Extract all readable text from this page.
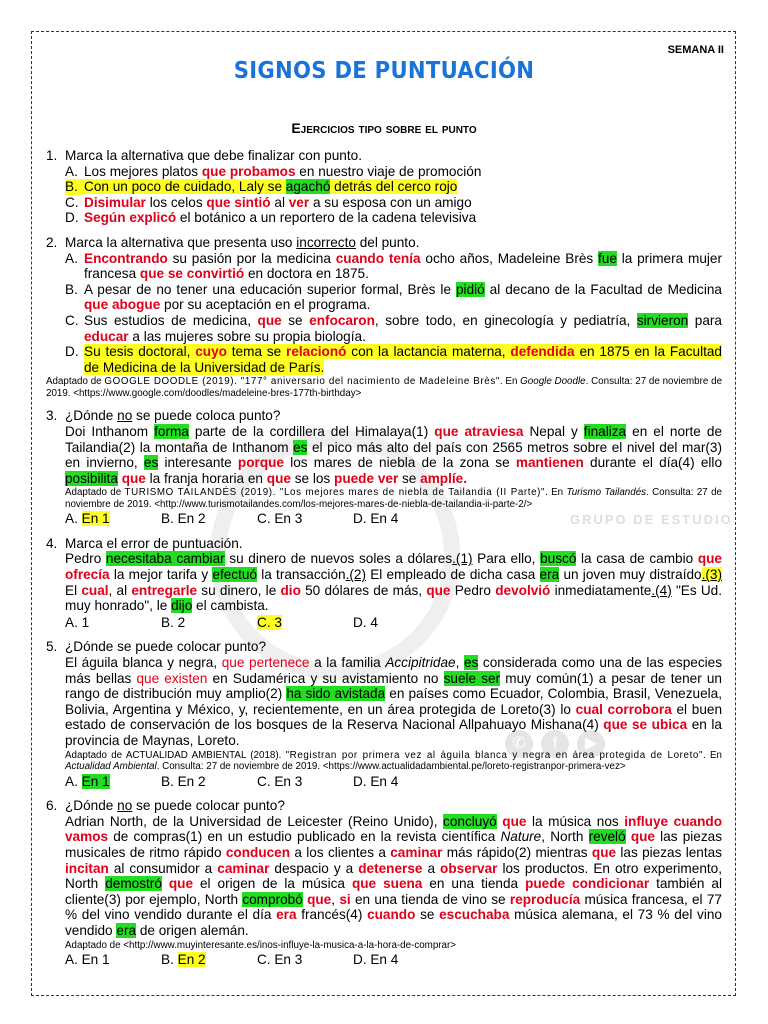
GRUPO DE ESTUDIO
✆	f	▶
SEMANA II
SIGNOS DE PUNTUACIÓN
Ejercicios tipo sobre el punto
1. Marca la alternativa que debe finalizar con punto.
A. Los mejores platos que probamos en nuestro viaje de promoción
B. Con un poco de cuidado, Laly se agachó detrás del cerco rojo
C. Disimular los celos que sintió al ver a su esposa con un amigo
D. Según explicó el botánico a un reportero de la cadena televisiva
2. Marca la alternativa que presenta uso incorrecto del punto.
A. Encontrando su pasión por la medicina cuando tenía ocho años, Madeleine Brès fue la primera mujer francesa que se convirtió en doctora en 1875.
B. A pesar de no tener una educación superior formal, Brès le pidió al decano de la Facultad de Medicina que abogue por su aceptación en el programa.
C. Sus estudios de medicina, que se enfocaron, sobre todo, en ginecología y pediatría, sirvieron para educar a las mujeres sobre su propia biología.
D. Su tesis doctoral, cuyo tema se relacionó con la lactancia materna, defendida en 1875 en la Facultad de Medicina de la Universidad de París.
Adaptado de GOOGLE DOODLE (2019). "177° aniversario del nacimiento de Madeleine Brès". En Google Doodle. Consulta: 27 de noviembre de 2019. <https://www.google.com/doodles/madeleine-bres-177th-birthday>
3. ¿Dónde no se puede coloca punto?
Doi Inthanom forma parte de la cordillera del Himalaya(1) que atraviesa Nepal y finaliza en el norte de Tailandia(2) la montaña de Inthanom es el pico más alto del país con 2565 metros sobre el nivel del mar(3) en invierno, es interesante porque los mares de niebla de la zona se mantienen durante el día(4) ello posibilita que la franja horaria en que se los puede ver se amplíe.
Adaptado de TURISMO TAILANDÉS (2019). "Los mejores mares de niebla de Tailandia (II Parte)". En Turismo Tailandés. Consulta: 27 de noviembre de 2019. <http://www.turismotailandes.com/los-mejores-mares-de-niebla-de-tailandia-ii-parte-2/>
A. En 1	B. En 2	C. En 3	D. En 4
4. Marca el error de puntuación.
Pedro necesitaba cambiar su dinero de nuevos soles a dólares.(1) Para ello, buscó la casa de cambio que ofrecía la mejor tarifa y efectuó la transacción.(2) El empleado de dicha casa era un joven muy distraído.(3) El cual, al entregarle su dinero, le dio 50 dólares de más, que Pedro devolvió inmediatamente.(4) "Es Ud. muy honrado", le dijo el cambista.
A. 1	B. 2	C. 3	D. 4
5. ¿Dónde se puede colocar punto?
El águila blanca y negra, que pertenece a la familia Accipitridae, es considerada como una de las especies más bellas que existen en Sudamérica y su avistamiento no suele ser muy común(1) a pesar de tener un rango de distribución muy amplio(2) ha sido avistada en países como Ecuador, Colombia, Brasil, Venezuela, Bolivia, Argentina y México, y, recientemente, en un área protegida de Loreto(3) lo cual corrobora el buen estado de conservación de los bosques de la Reserva Nacional Allpahuayo Mishana(4) que se ubica en la provincia de Maynas, Loreto.
Adaptado de ACTUALIDAD AMBIENTAL (2018). "Registran por primera vez al águila blanca y negra en área protegida de Loreto". En Actualidad Ambiental. Consulta: 27 de noviembre de 2019. <https://www.actualidadambiental.pe/loreto-registranpor-primera-vez>
A. En 1	B. En 2	C. En 3	D. En 4
6. ¿Dónde no se puede colocar punto?
Adrian North, de la Universidad de Leicester (Reino Unido), concluyó que la música nos influye cuando vamos de compras(1) en un estudio publicado en la revista científica Nature, North reveló que las piezas musicales de ritmo rápido conducen a los clientes a caminar más rápido(2) mientras que las piezas lentas incitan al consumidor a caminar despacio y a detenerse a observar los productos. En otro experimento, North demostró que el origen de la música que suena en una tienda puede condicionar también al cliente(3) por ejemplo, North comprobó que, si en una tienda de vino se reproducía música francesa, el 77 % del vino vendido durante el día era francés(4) cuando se escuchaba música alemana, el 73 % del vino vendido era de origen alemán.
Adaptado de <http://www.muyinteresante.es/inos-influye-la-musica-a-la-hora-de-comprar>
A. En 1	B. En 2	C. En 3	D. En 4
